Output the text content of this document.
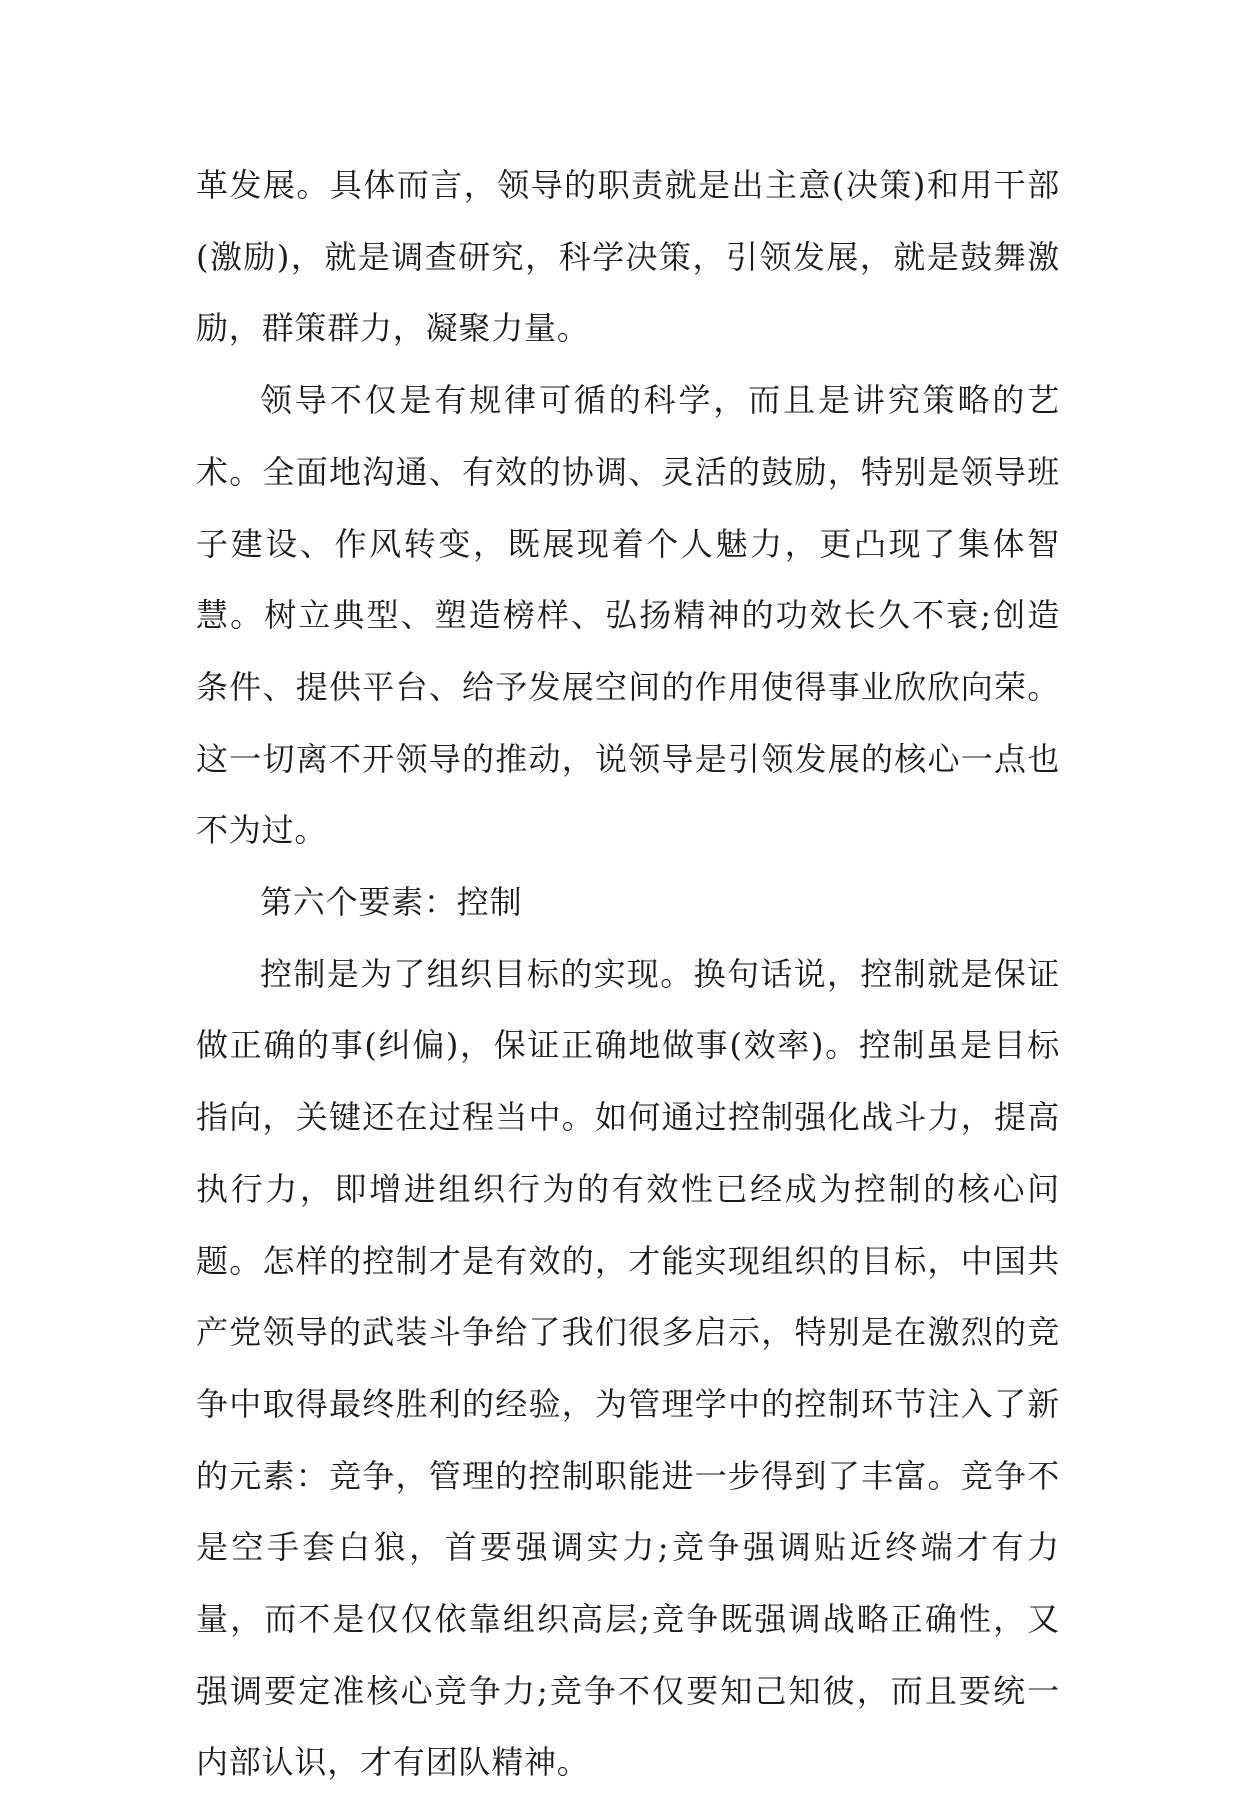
革发展。具体而言，领导的职责就是出主意(决策)和用干部(激励)，就是调查研究，科学决策，引领发展，就是鼓舞激励，群策群力，凝聚力量。

领导不仅是有规律可循的科学，而且是讲究策略的艺术。全面地沟通、有效的协调、灵活的鼓励，特别是领导班子建设、作风转变，既展现着个人魅力，更凸现了集体智慧。树立典型、塑造榜样、弘扬精神的功效长久不衰;创造条件、提供平台、给予发展空间的作用使得事业欣欣向荣。这一切离不开领导的推动，说领导是引领发展的核心一点也不为过。

第六个要素：控制

控制是为了组织目标的实现。换句话说，控制就是保证做正确的事(纠偏)，保证正确地做事(效率)。控制虽是目标指向，关键还在过程当中。如何通过控制强化战斗力，提高执行力，即增进组织行为的有效性已经成为控制的核心问题。怎样的控制才是有效的，才能实现组织的目标，中国共产党领导的武装斗争给了我们很多启示，特别是在激烈的竞争中取得最终胜利的经验，为管理学中的控制环节注入了新的元素：竞争，管理的控制职能进一步得到了丰富。竞争不是空手套白狼，首要强调实力;竞争强调贴近终端才有力量，而不是仅仅依靠组织高层;竞争既强调战略正确性，又强调要定准核心竞争力;竞争不仅要知己知彼，而且要统一内部认识，才有团队精神。
